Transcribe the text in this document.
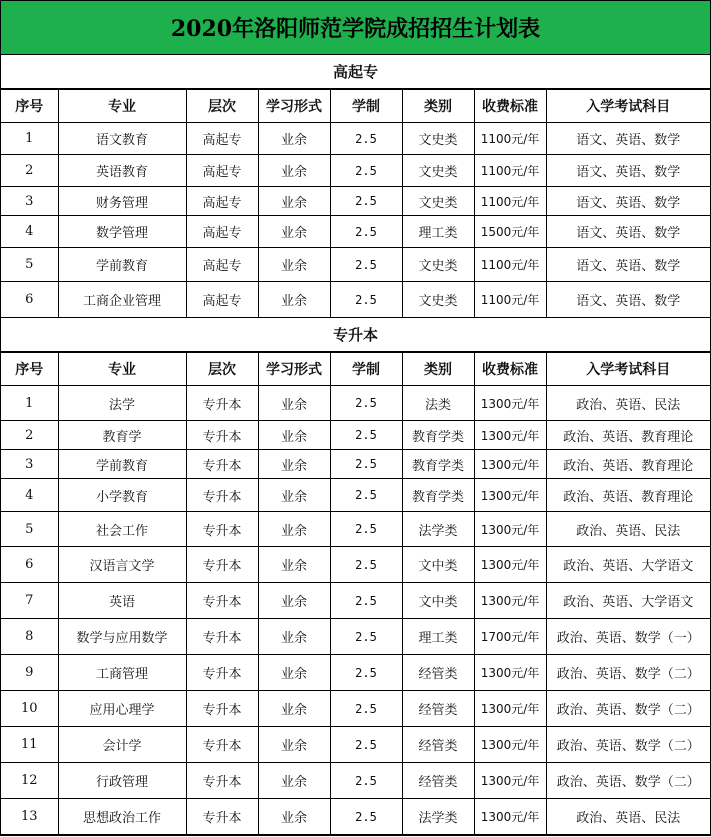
2020年洛阳师范学院成招招生计划表
高起专
序号	专业	层次	学习形式	学制	类别	收费标准	入学考试科目
1	语文教育	高起专	业余	2.5	文史类	1100元/年	语文、英语、数学
2	英语教育	高起专	业余	2.5	文史类	1100元/年	语文、英语、数学
3	财务管理	高起专	业余	2.5	文史类	1100元/年	语文、英语、数学
4	数学管理	高起专	业余	2.5	理工类	1500元/年	语文、英语、数学
5	学前教育	高起专	业余	2.5	文史类	1100元/年	语文、英语、数学
6	工商企业管理	高起专	业余	2.5	文史类	1100元/年	语文、英语、数学
专升本
序号	专业	层次	学习形式	学制	类别	收费标准	入学考试科目
1	法学	专升本	业余	2.5	法类	1300元/年	政治、英语、民法
2	教育学	专升本	业余	2.5	教育学类	1300元/年	政治、英语、教育理论
3	学前教育	专升本	业余	2.5	教育学类	1300元/年	政治、英语、教育理论
4	小学教育	专升本	业余	2.5	教育学类	1300元/年	政治、英语、教育理论
5	社会工作	专升本	业余	2.5	法学类	1300元/年	政治、英语、民法
6	汉语言文学	专升本	业余	2.5	文中类	1300元/年	政治、英语、大学语文
7	英语	专升本	业余	2.5	文中类	1300元/年	政治、英语、大学语文
8	数学与应用数学	专升本	业余	2.5	理工类	1700元/年	政治、英语、数学（一）
9	工商管理	专升本	业余	2.5	经管类	1300元/年	政治、英语、数学（二）
10	应用心理学	专升本	业余	2.5	经管类	1300元/年	政治、英语、数学（二）
11	会计学	专升本	业余	2.5	经管类	1300元/年	政治、英语、数学（二）
12	行政管理	专升本	业余	2.5	经管类	1300元/年	政治、英语、数学（二）
13	思想政治工作	专升本	业余	2.5	法学类	1300元/年	政治、英语、民法
